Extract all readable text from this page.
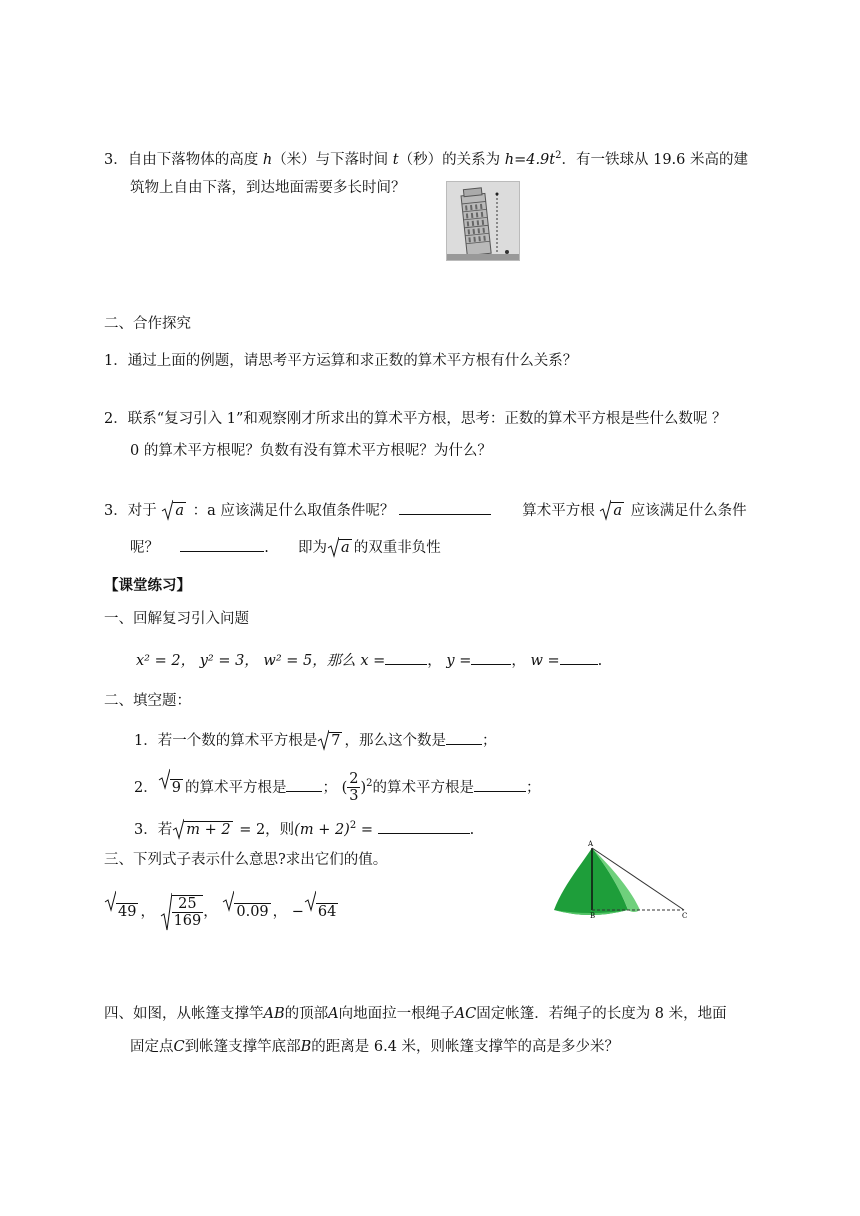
3．自由下落物体的高度 h（米）与下落时间 t（秒）的关系为 $h=4.9t^2$．有一铁球从 19.6 米高的建
筑物上自由下落，到达地面需要多长时间？
二、合作探究
1．通过上面的例题，请思考平方运算和求正数的算术平方根有什么关系？
2．联系“复习引入 1”和观察刚才所求出的算术平方根，思考：正数的算术平方根是些什么数呢 ？
0 的算术平方根呢？负数有没有算术平方根呢？为什么？
3．对于 a ：a 应该满足什么取值条件呢？	算术平方根 a 应该满足什么条件
呢？	. 即为 a 的双重非负性
【课堂练习】
一、回解复习引入问题
x² = 2， y² = 3， w² = 5，那么 x =	， y =	， w =	.
二、填空题：
1．若一个数的算术平方根是 7 ，那么这个数是 ；
2． 9 的算术平方根是 ； ( $\frac{2}{3} )^2$的算术平方根是	；
3．若 m + 2 = 2，则$(m + 2)^2$ =	.
三、下列式子表示什么意思?求出它们的值。
49 ， $\frac{25}{169}$ ， 0.09 ， − 64
A
B	C
四、如图，从帐篷支撑竿AB的顶部A向地面拉一根绳子AC固定帐篷．若绳子的长度为 8 米，地面
固定点C到帐篷支撑竿底部B的距离是 6.4 米，则帐篷支撑竿的高是多少米？
